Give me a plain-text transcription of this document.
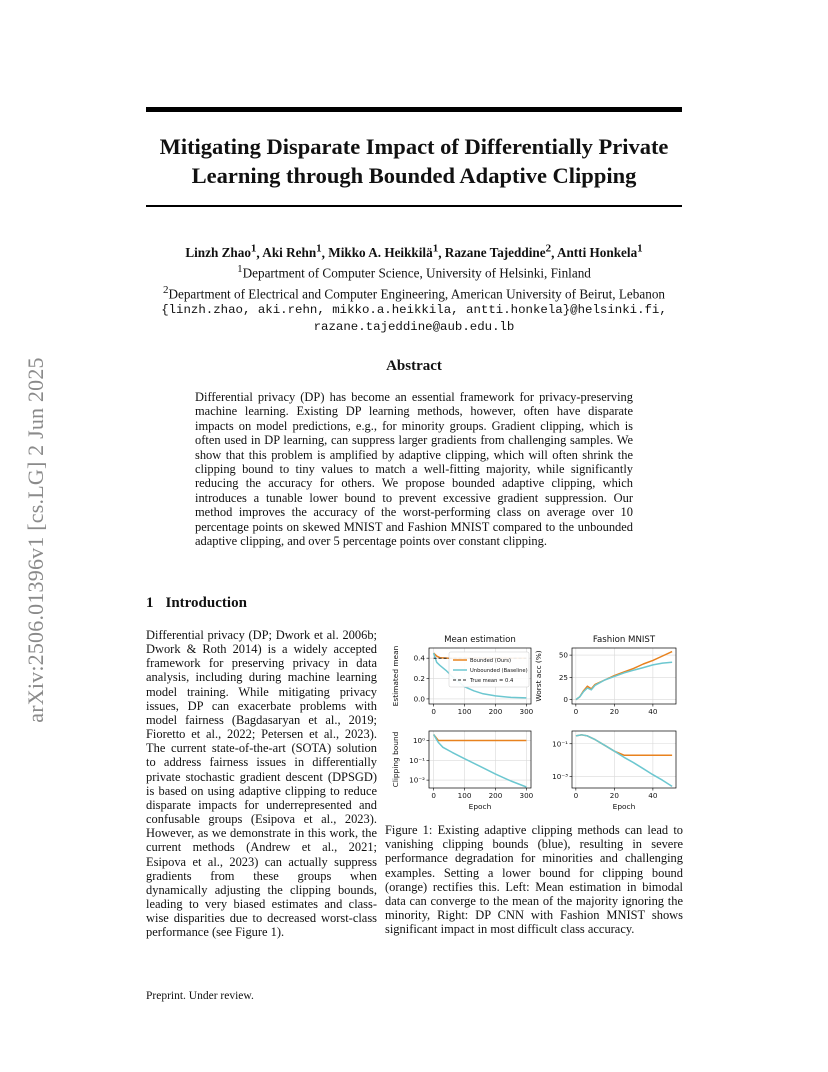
arXiv:2506.01396v1 [cs.LG] 2 Jun 2025
Mitigating Disparate Impact of Differentially Private
Learning through Bounded Adaptive Clipping
Linzh Zhao$^1$, Aki Rehn$^1$, Mikko A. Heikkilä$^1$, Razane Tajeddine$^2$, Antti Honkela$^1$
$^1$Department of Computer Science, University of Helsinki, Finland
$^2$Department of Electrical and Computer Engineering, American University of Beirut, Lebanon
{linzh.zhao, aki.rehn, mikko.a.heikkila, antti.honkela}@helsinki.fi,
razane.tajeddine@aub.edu.lb
Abstract
Differential privacy (DP) has become an essential framework for privacy-preserving machine learning. Existing DP learning methods, however, often have disparate impacts on model predictions, e.g., for minority groups. Gradient clipping, which is often used in DP learning, can suppress larger gradients from challenging samples. We show that this problem is amplified by adaptive clipping, which will often shrink the clipping bound to tiny values to match a well-fitting majority, while significantly reducing the accuracy for others. We propose bounded adaptive clipping, which introduces a tunable lower bound to prevent excessive gradient suppression. Our method improves the accuracy of the worst-performing class on average over 10 percentage points on skewed MNIST and Fashion MNIST compared to the unbounded adaptive clipping, and over 5 percentage points over constant clipping.
1 Introduction
Differential privacy (DP; Dwork et al. 2006b; Dwork & Roth 2014) is a widely accepted framework for preserving privacy in data analysis, including during machine learning model training. While mitigating privacy issues, DP can exacerbate problems with model fairness (Bagdasaryan et al., 2019; Fioretto et al., 2022; Petersen et al., 2023). The current state-of-the-art (SOTA) solution to address fairness issues in differentially private stochastic gradient descent (DPSGD) is based on using adaptive clipping to reduce disparate impacts for underrepresented and confusable groups (Esipova et al., 2023). However, as we demonstrate in this work, the current methods (Andrew et al., 2021; Esipova et al., 2023) can actually suppress gradients from these groups when dynamically adjusting the clipping bounds, leading to very biased estimates and class-wise disparities due to decreased worst-class performance (see Figure 1).
0	100 200 300
0.0
0.2
0.4
Mean estimation
Estimated mean	Bounded (Ours)
Unbounded (Baseline)
True mean = 0.4
0	20	40
0
25
50
Fashion MNIST
Worst acc (%)
0	100 200 300
10⁰
10⁻¹
10⁻²
Epoch
Clipping bound
0	20	40
10⁻¹
10⁻³
Epoch
Figure 1: Existing adaptive clipping methods can lead to vanishing clipping bounds (blue), resulting in severe performance degradation for minorities and challenging examples. Setting a lower bound for clipping bound (orange) rectifies this. Left: Mean estimation in bimodal data can converge to the mean of the majority ignoring the minority, Right: DP CNN with Fashion MNIST shows significant impact in most difficult class accuracy.
Preprint. Under review.
